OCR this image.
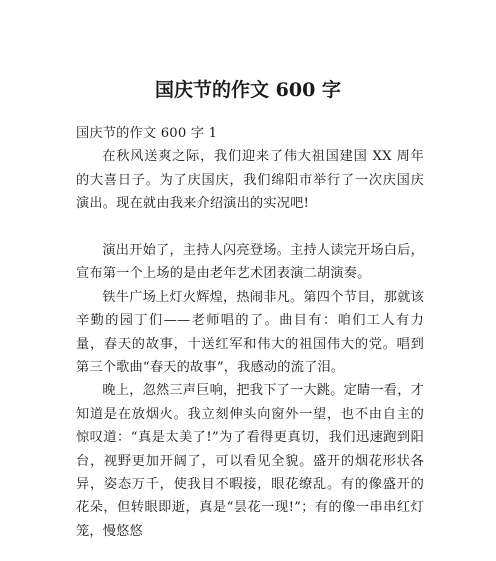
国庆节的作文 600 字

国庆节的作文 600 字 1

在秋风送爽之际，我们迎来了伟大祖国建国 XX 周年的大喜日子。为了庆国庆，我们绵阳市举行了一次庆国庆演出。现在就由我来介绍演出的实况吧!

演出开始了，主持人闪亮登场。主持人读完开场白后，宣布第一个上场的是由老年艺术团表演二胡演奏。

铁牛广场上灯火辉煌，热闹非凡。第四个节目，那就该辛勤的园丁们——老师唱的了。曲目有：咱们工人有力量，春天的故事，十送红军和伟大的祖国伟大的党。唱到第三个歌曲“春天的故事”，我感动的流了泪。

晚上，忽然三声巨响，把我下了一大跳。定睛一看，才知道是在放烟火。我立刻伸头向窗外一望，也不由自主的惊叹道：“真是太美了!”为了看得更真切，我们迅速跑到阳台，视野更加开阔了，可以看见全貌。盛开的烟花形状各异，姿态万千，使我目不暇接，眼花缭乱。有的像盛开的花朵，但转眼即逝，真是“昙花一现!”；有的像一串串红灯笼，慢悠悠
